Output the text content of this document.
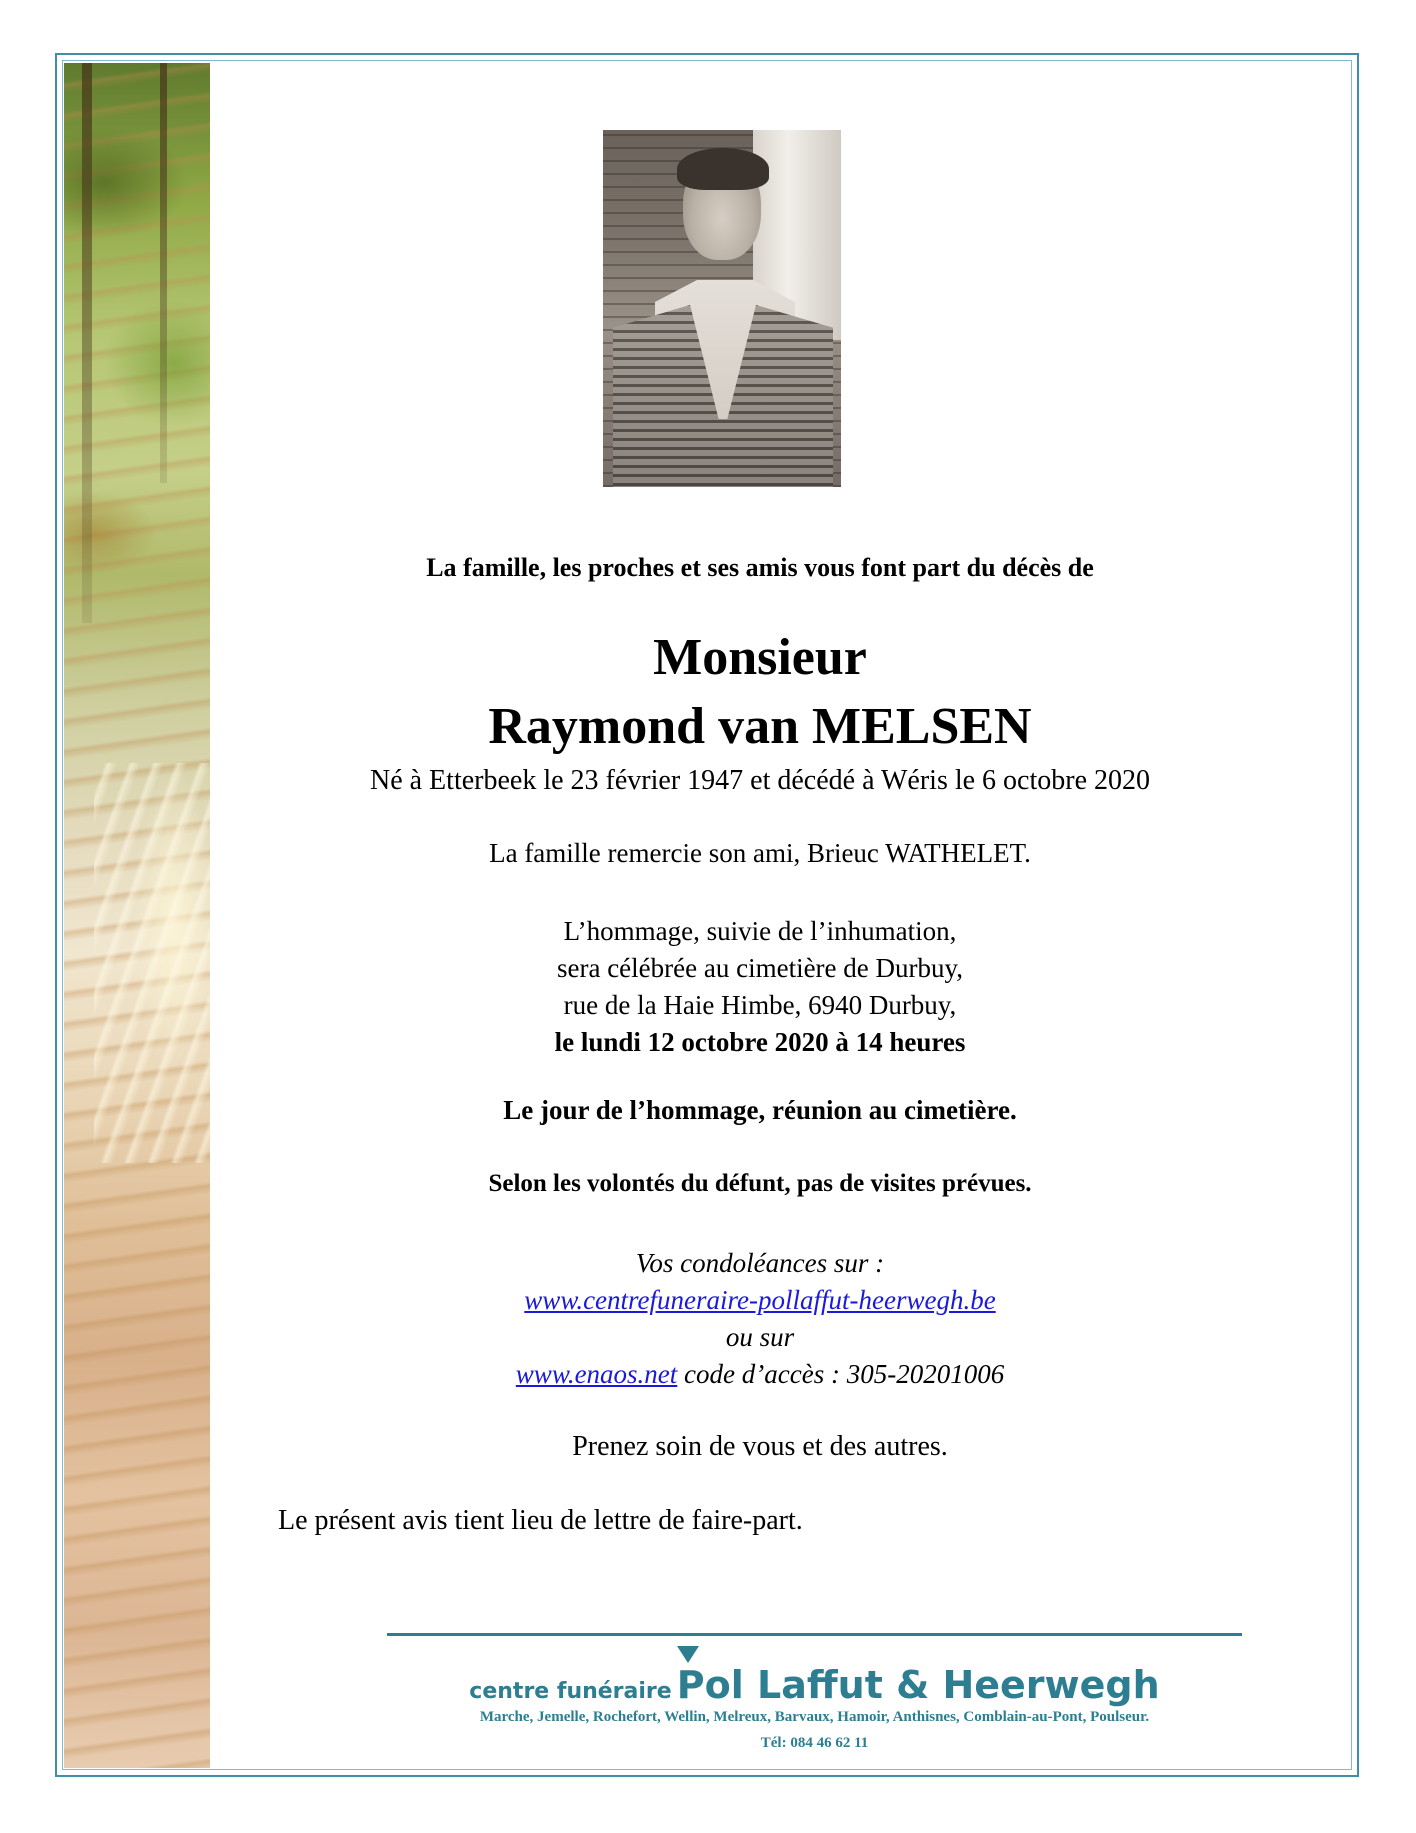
La famille, les proches et ses amis vous font part du décès de
Monsieur
Raymond van MELSEN
Né à Etterbeek le 23 février 1947 et décédé à Wéris le 6 octobre 2020
La famille remercie son ami, Brieuc WATHELET.
L’hommage, suivie de l’inhumation,
sera célébrée au cimetière de Durbuy,
rue de la Haie Himbe, 6940 Durbuy,
le lundi 12 octobre 2020 à 14 heures
Le jour de l’hommage, réunion au cimetière.
Selon les volontés du défunt, pas de visites prévues.
Vos condoléances sur :
www.centrefuneraire-pollaffut-heerwegh.be
ou sur
www.enaos.net code d’accès : 305-20201006
Prenez soin de vous et des autres.
Le présent avis tient lieu de lettre de faire-part.
centre funéraire Pol Laffut & Heerwegh
Marche, Jemelle, Rochefort, Wellin, Melreux, Barvaux, Hamoir, Anthisnes, Comblain-au-Pont, Poulseur.
Tél: 084 46 62 11
